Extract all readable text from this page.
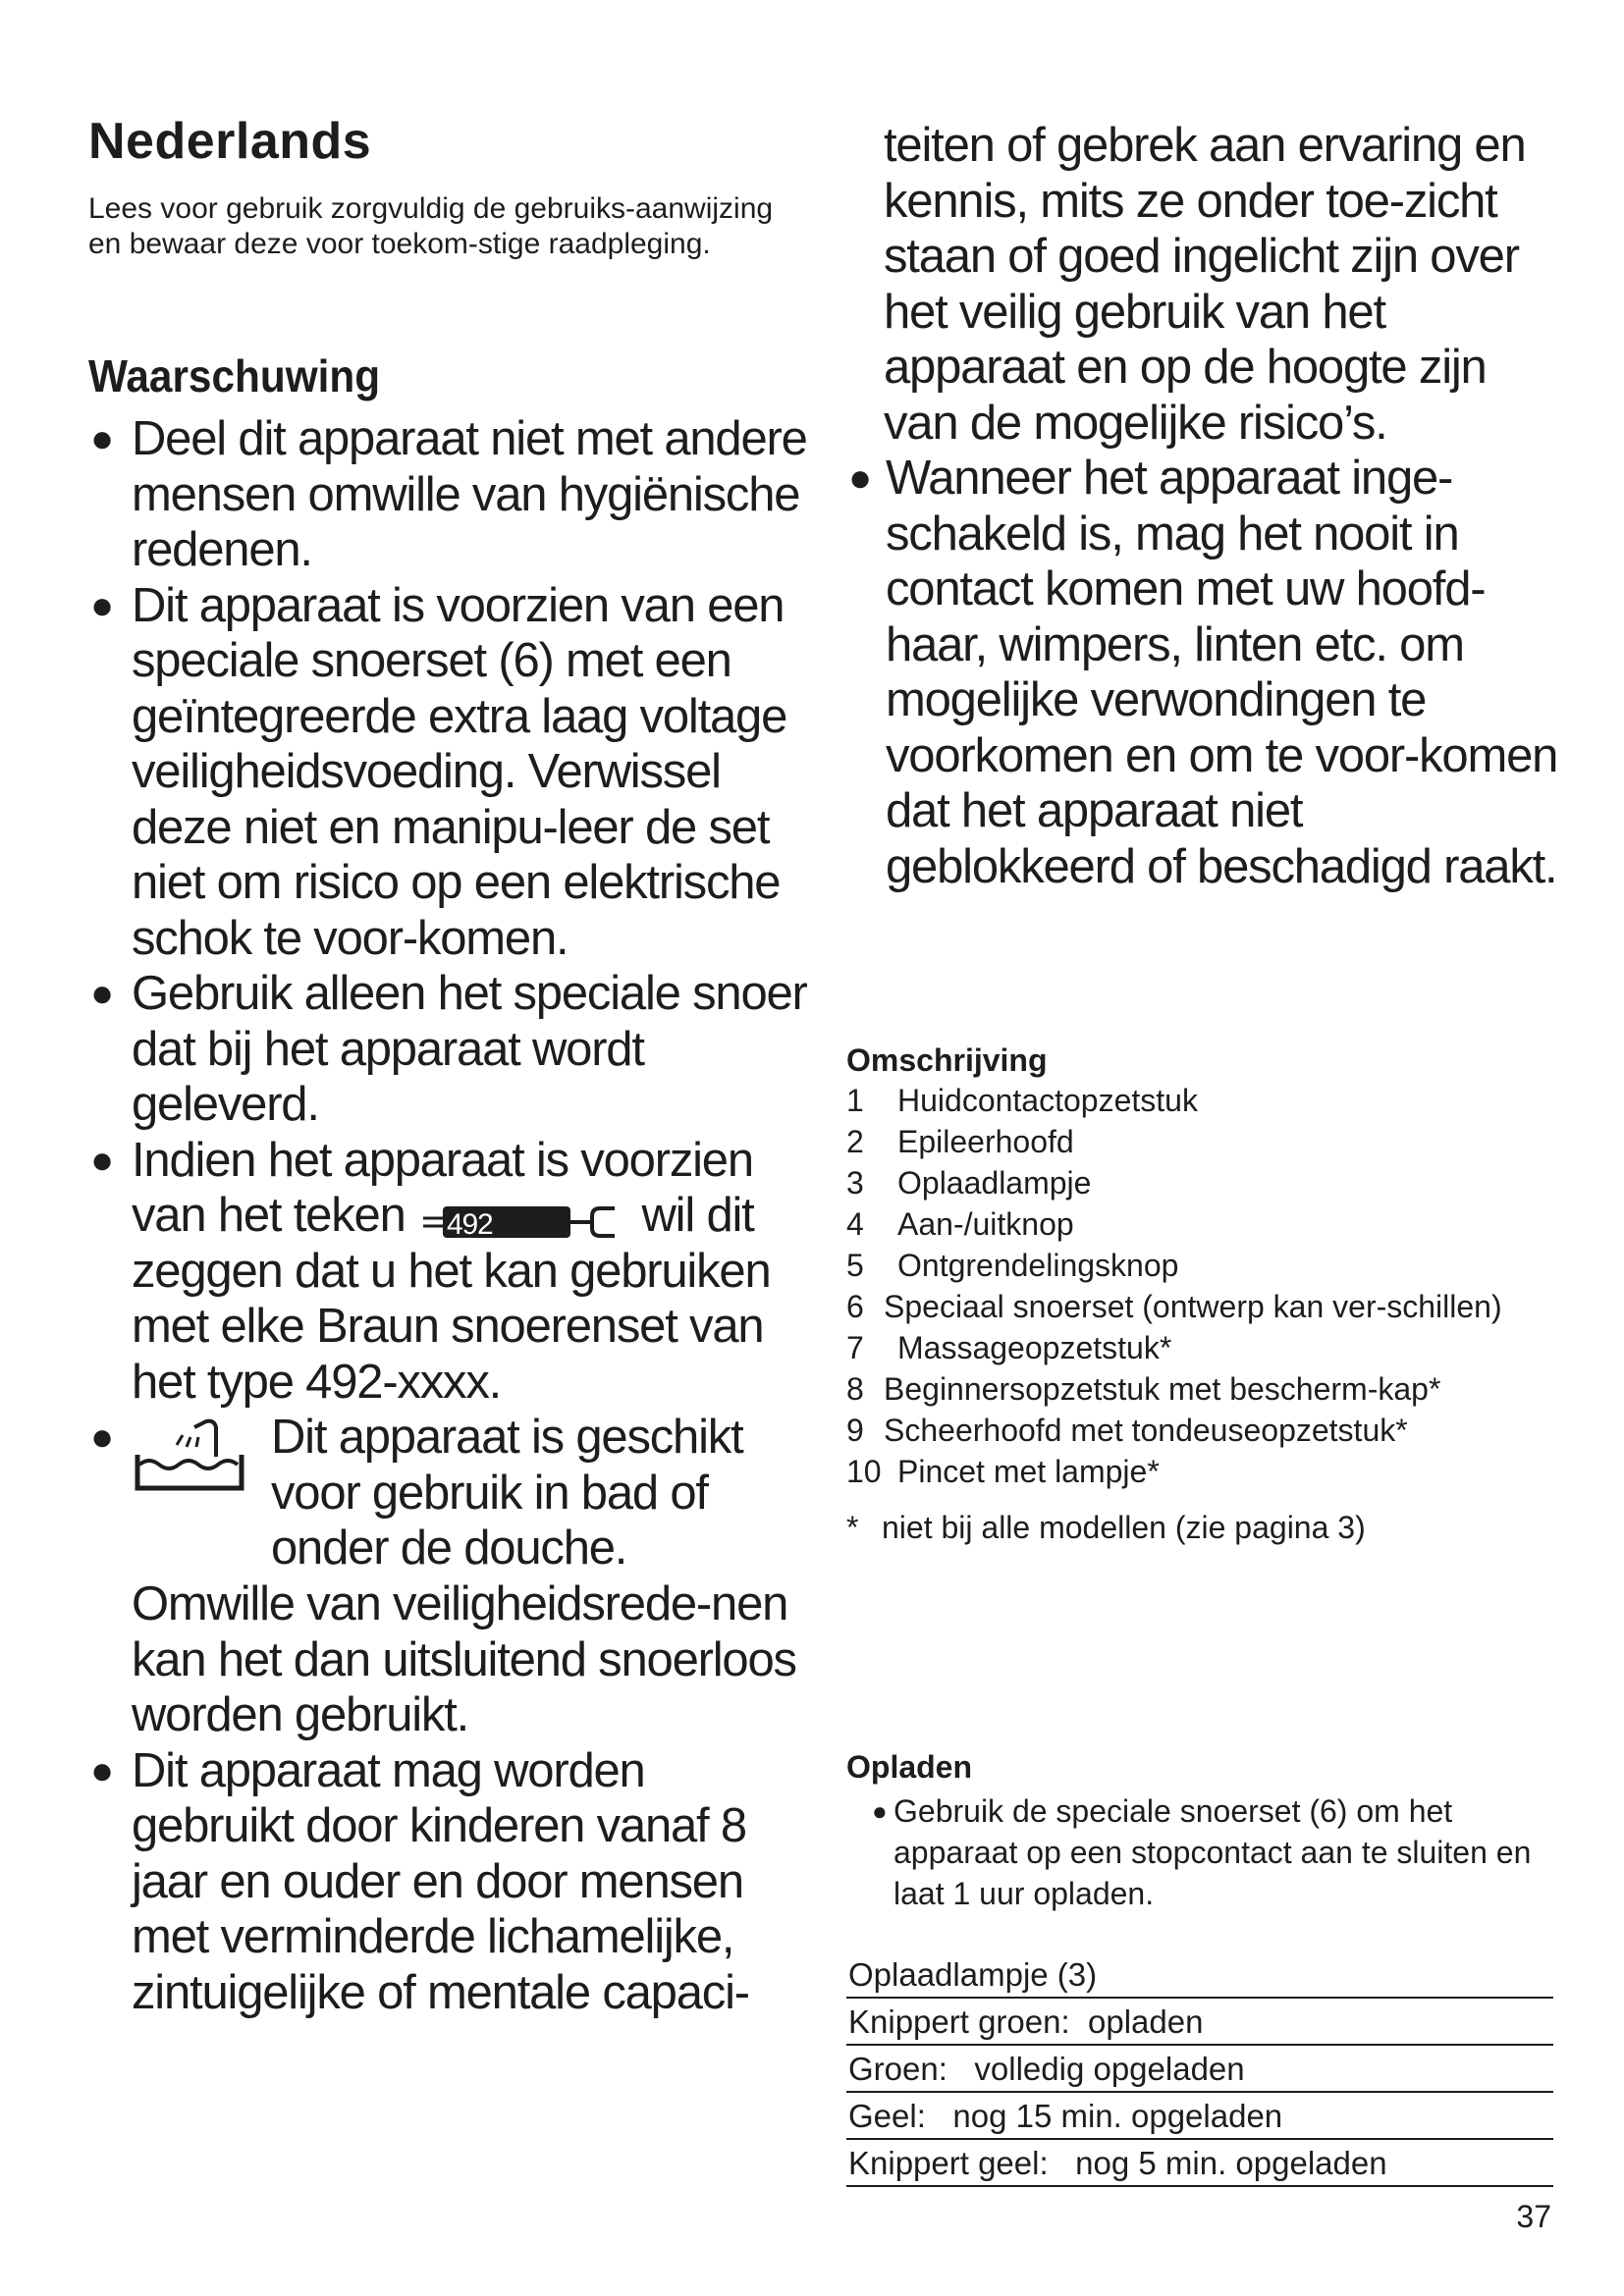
Nederlands

Lees voor gebruik zorgvuldig de gebruiks-aanwijzing en bewaar deze voor toekom-stige raadpleging.

Waarschuwing
● Deel dit apparaat niet met andere mensen omwille van hygiënische redenen.
● Dit apparaat is voorzien van een speciale snoerset (6) met een geïntegreerde extra laag voltage veiligheidsvoeding. Verwissel deze niet en manipu-leer de set niet om risico op een elektrische schok te voor-komen.
● Gebruik alleen het speciale snoer dat bij het apparaat wordt geleverd.
● Indien het apparaat is voorzien van het teken 492	wil dit zeggen dat u het kan gebruiken met elke Braun snoerenset van het type 492-xxxx.
●	Dit apparaat is geschikt voor gebruik in bad of onder de douche.
Omwille van veiligheidsrede-nen kan het dan uitsluitend snoerloos worden gebruikt.
● Dit apparaat mag worden gebruikt door kinderen vanaf 8 jaar en ouder en door mensen met verminderde lichamelijke, zintuigelijke of mentale capaci-
teiten of gebrek aan ervaring en kennis, mits ze onder toe-zicht staan of goed ingelicht zijn over het veilig gebruik van het apparaat en op de hoogte zijn van de mogelijke risico’s.
● Wanneer het apparaat inge-schakeld is, mag het nooit in contact komen met uw hoofd-haar, wimpers, linten etc. om mogelijke verwondingen te voorkomen en om te voor-komen dat het apparaat niet geblokkeerd of beschadigd raakt.
Omschrijving
1	Huidcontactopzetstuk
2	Epileerhoofd
3	Oplaadlampje
4	Aan-/uitknop
5	Ontgrendelingsknop
6 Speciaal snoerset (ontwerp kan ver-schillen)
7	Massageopzetstuk*
8 Beginnersopzetstuk met bescherm-kap*
9 Scheerhoofd met tondeuseopzetstuk*
10 Pincet met lampje*
* niet bij alle modellen (zie pagina 3)
Opladen
● Gebruik de speciale snoerset (6) om het apparaat op een stopcontact aan te sluiten en laat 1 uur opladen.
Oplaadlampje (3)
Knippert groen:  opladen
Groen:   volledig opgeladen
Geel:   nog 15 min. opgeladen
Knippert geel:   nog 5 min. opgeladen
37
